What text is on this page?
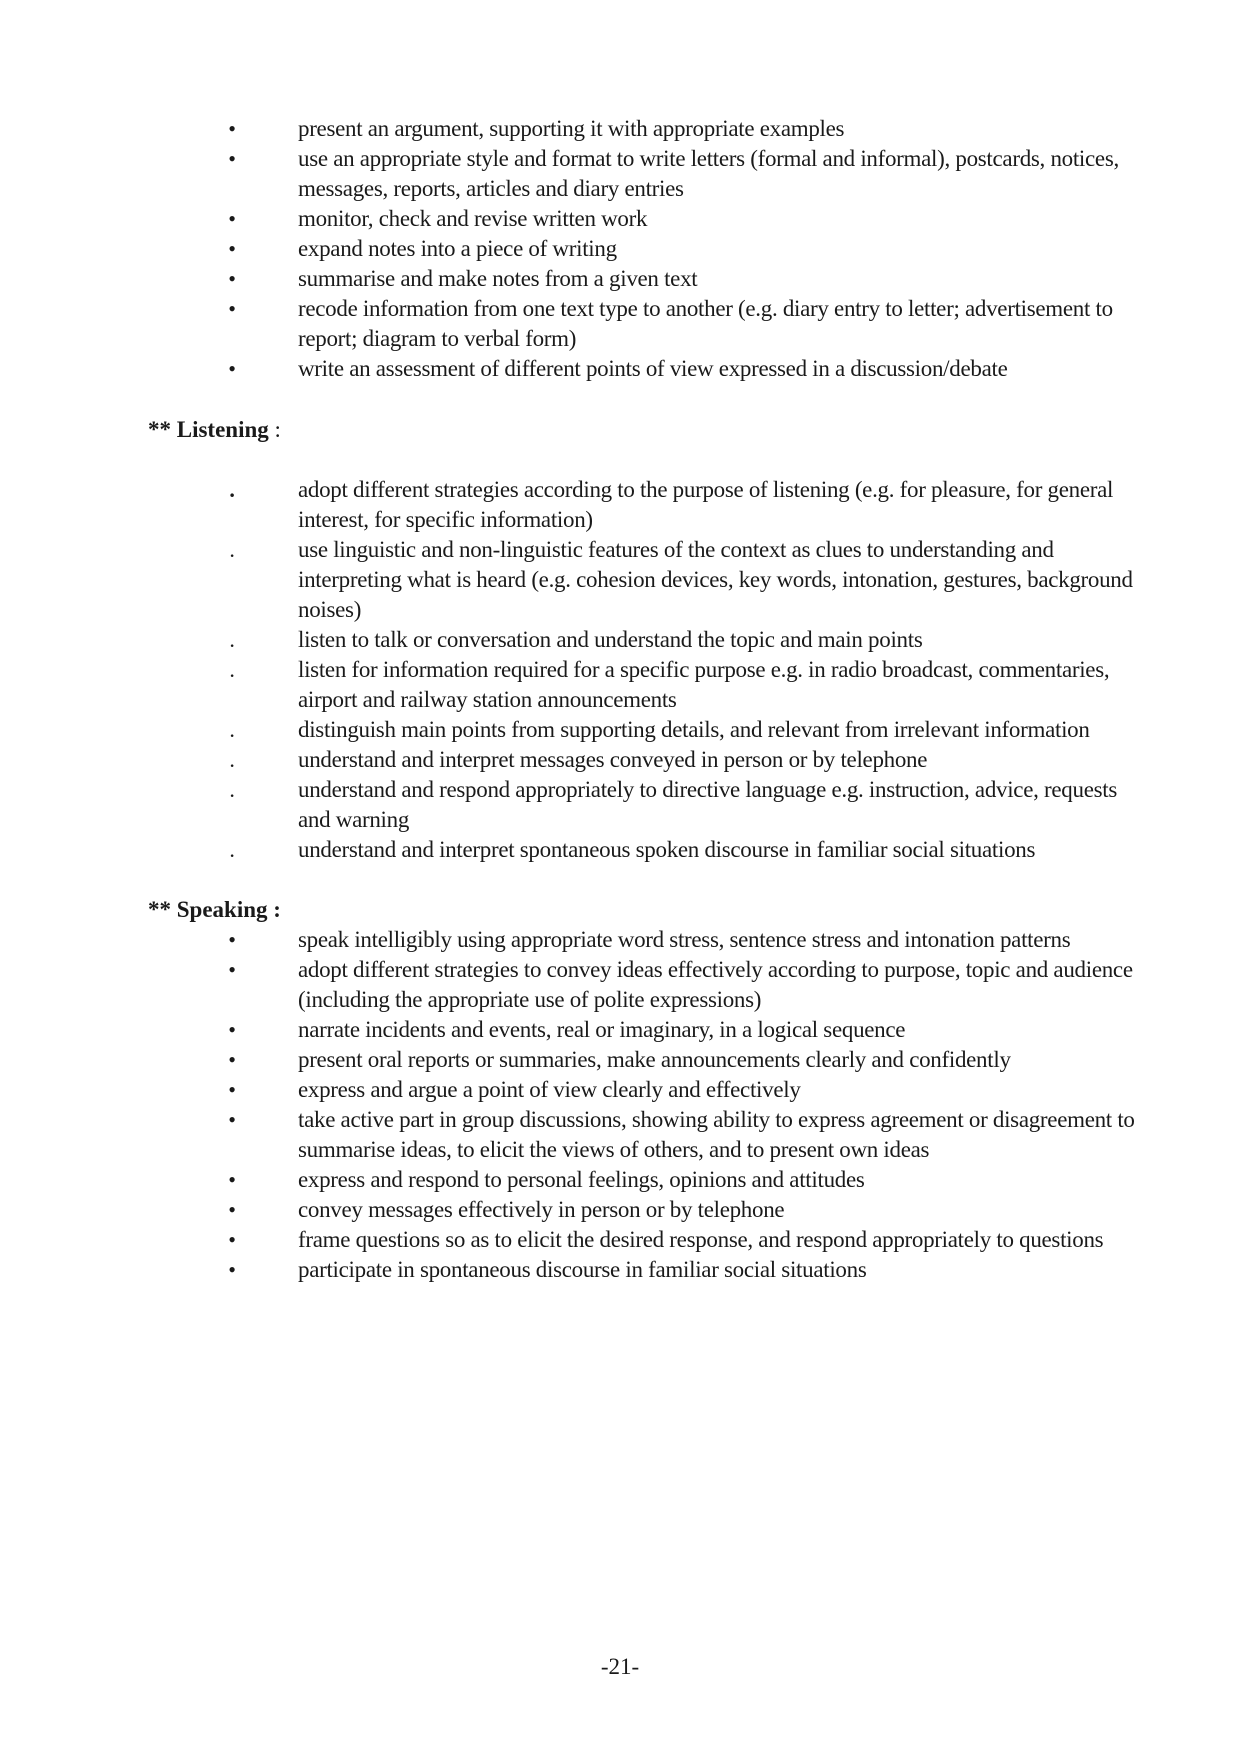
•	present an argument, supporting it with appropriate examples
•	use an appropriate style and format to write letters (formal and informal), postcards, notices, messages, reports, articles and diary entries
•	monitor, check and revise written work
•	expand notes into a piece of writing
•	summarise and make notes from a given text
•	recode information from one text type to another (e.g. diary entry to letter; advertisement to report; diagram to verbal form)
•	write an assessment of different points of view expressed in a discussion/debate

** Listening :

.	adopt different strategies according to the purpose of listening (e.g. for pleasure, for general interest, for specific information)
.	use linguistic and non-linguistic features of the context as clues to understanding and interpreting what is heard (e.g. cohesion devices, key words, intonation, gestures, background noises)
.	listen to talk or conversation and understand the topic and main points
.	listen for information required for a specific purpose e.g. in radio broadcast, commentaries, airport and railway station announcements
.	distinguish main points from supporting details, and relevant from irrelevant information
.	understand and interpret messages conveyed in person or by telephone
.	understand and respond appropriately to directive language e.g. instruction, advice, requests and warning
.	understand and interpret spontaneous spoken discourse in familiar social situations

** Speaking :

•	speak intelligibly using appropriate word stress, sentence stress and intonation patterns
•	adopt different strategies to convey ideas effectively according to purpose, topic and audience (including the appropriate use of polite expressions)
•	narrate incidents and events, real or imaginary, in a logical sequence
•	present oral reports or summaries, make announcements clearly and confidently
•	express and argue a point of view clearly and effectively
•	take active part in group discussions, showing ability to express agreement or disagreement to summarise ideas, to elicit the views of others, and to present own ideas
•	express and respond to personal feelings, opinions and attitudes
•	convey messages effectively in person or by telephone
•	frame questions so as to elicit the desired response, and respond appropriately to questions
•	participate in spontaneous discourse in familiar social situations
-21-
